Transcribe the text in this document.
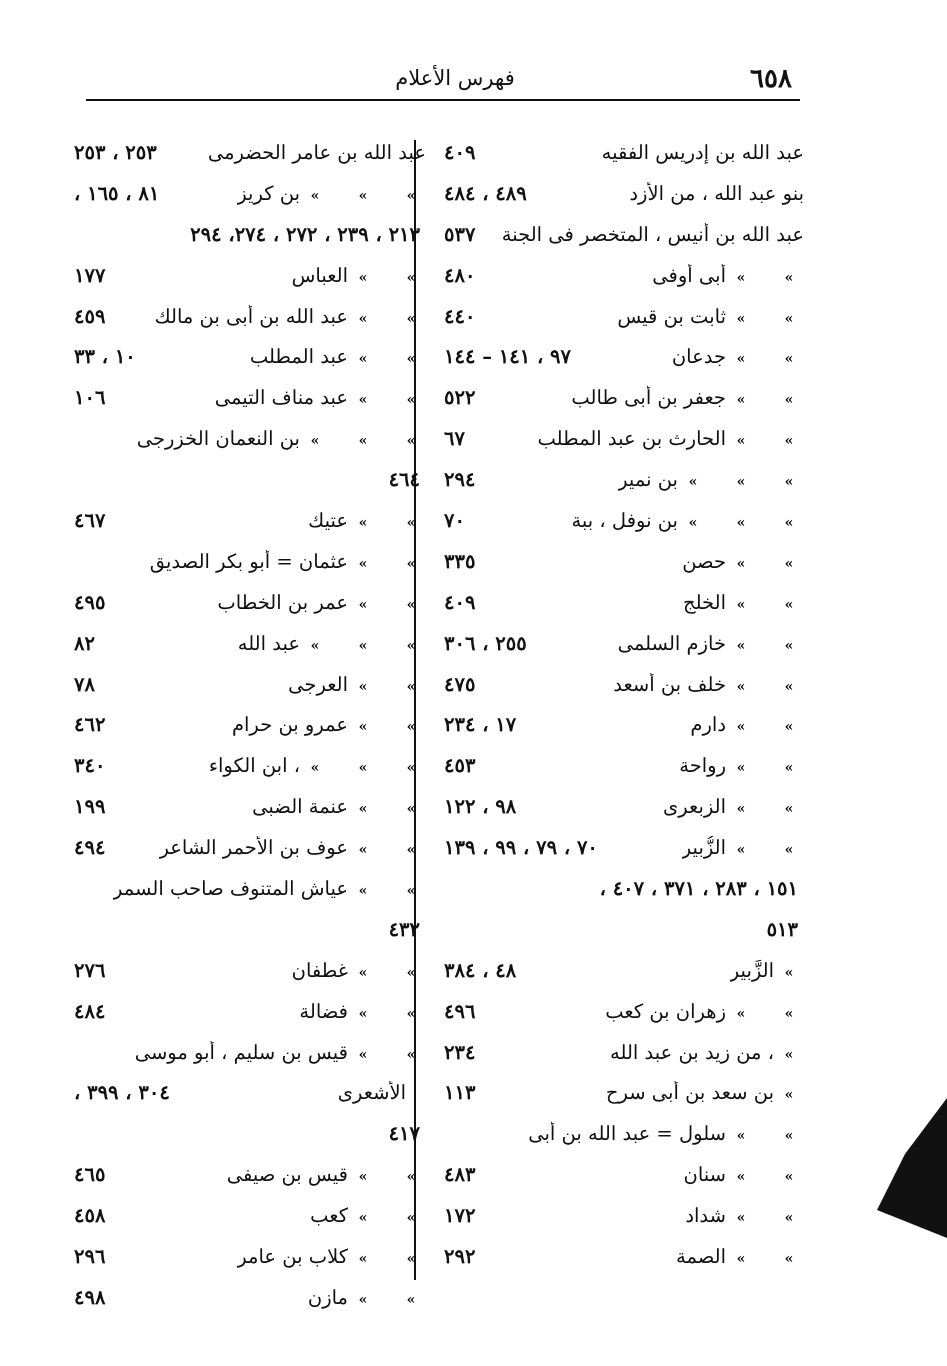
٦٥٨
فهرس الأعلام
عبد الله بن إدريس الفقيه
٤٠٩
بنو عبد الله ، من الأزد
٤٨٩ ، ٤٨٤
عبد الله بن أنيس ، المتخصر فى الجنة
٥٣٧
»»أبى أوفى
٤٨٠
»»ثابت بن قيس
٤٤٠
»»جدعان
٩٧ ، ١٤١ – ١٤٤
»»جعفر بن أبى طالب
٥٢٢
»»الحارث بن عبد المطلب
٦٧
»»»بن نمير
٢٩٤
»»»بن نوفل ، ببة
٧٠
»»حصن
٣٣٥
»»الخلج
٤٠٩
»»خازم السلمى
٢٥٥ ، ٣٠٦
»»خلف بن أسعد
٤٧٥
»»دارم
١٧ ، ٢٣٤
»»رواحة
٤٥٣
»»الزبعرى
٩٨ ، ١٢٢
»»الزُّبير
٧٠ ، ٧٩ ، ٩٩ ، ١٣٩
١٥١ ، ٢٨٣ ، ٣٧١ ، ٤٠٧ ،
٥١٣
»الزَّبير
٤٨ ، ٣٨٤
»»زهران بن كعب
٤٩٦
»، من زيد بن عبد الله
٢٣٤
»بن سعد بن أبى سرح
١١٣
»»سلول = عبد الله بن أبى
»»سنان
٤٨٣
»»شداد
١٧٢
»»الصمة
٢٩٢
عبد الله بن عامر الحضرمى
٢٥٣ ، ٢٥٣
»»»بن كريز
٨١ ، ١٦٥ ،
٢١٣ ، ٢٣٩ ، ٢٧٢ ، ٢٧٤، ٢٩٤
»»العباس
١٧٧
»»عبد الله بن أبى بن مالك
٤٥٩
»»عبد المطلب
١٠ ، ٣٣
»»عبد مناف التيمى
١٠٦
»»»بن النعمان الخزرجى
٤٦٤
»»عتيك
٤٦٧
»»عثمان = أبو بكر الصديق
»»عمر بن الخطاب
٤٩٥
»»»عبد الله
٨٢
»»العرجى
٧٨
»»عمرو بن حرام
٤٦٢
»»»، ابن الكواء
٣٤٠
»»عنمة الضبى
١٩٩
»»عوف بن الأحمر الشاعر
٤٩٤
»»عياش المتنوف صاحب السمر
٤٣٢
»»غطفان
٢٧٦
»»فضالة
٤٨٤
»»قيس بن سليم ، أبو موسى
الأشعرى
٣٠٤ ، ٣٩٩ ،
٤١٧
»»قيس بن صيفى
٤٦٥
»»كعب
٤٥٨
»»كلاب بن عامر
٢٩٦
»»مازن
٤٩٨
